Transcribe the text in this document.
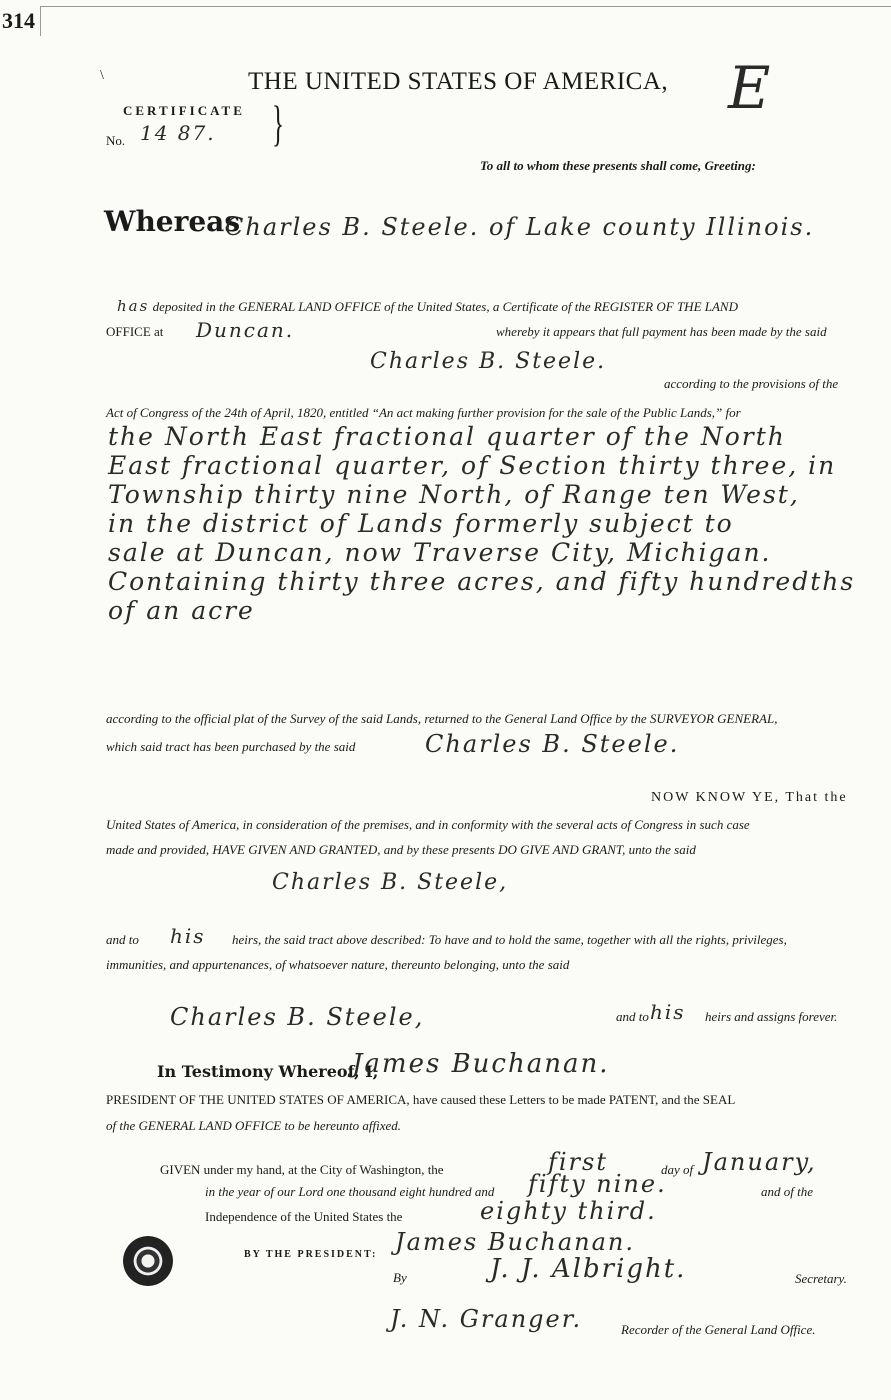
314
\	THE UNITED STATES OF AMERICA, E
CERTIFICATE
No. 14 87. }
To all to whom these presents shall come, Greeting:
Whereas
Charles B. Steele. of Lake county Illinois.
has deposited in the GENERAL LAND OFFICE of the United States, a Certificate of the REGISTER OF THE LAND
OFFICE at Duncan.	whereby it appears that full payment has been made by the said
Charles B. Steele.
according to the provisions of the
Act of Congress of the 24th of April, 1820, entitled “An act making further provision for the sale of the Public Lands,” for
the North East fractional quarter of the North
East fractional quarter, of Section thirty three, in
Township thirty nine North, of Range ten West,
in the district of Lands formerly subject to
sale at Duncan, now Traverse City, Michigan.
Containing thirty three acres, and fifty hundredths
of an acre
according to the official plat of the Survey of the said Lands, returned to the General Land Office by the SURVEYOR GENERAL,
which said tract has been purchased by the said	Charles B. Steele.
NOW KNOW YE, That the
United States of America, in consideration of the premises, and in conformity with the several acts of Congress in such case
made and provided, HAVE GIVEN AND GRANTED, and by these presents DO GIVE AND GRANT, unto the said
Charles B. Steele,
and to his heirs, the said tract above described: To have and to hold the same, together with all the rights, privileges,
immunities, and appurtenances, of whatsoever nature, thereunto belonging, unto the said
Charles B. Steele,	and to his heirs and assigns forever.
In Testimony Whereof, I,
James Buchanan.
PRESIDENT OF THE UNITED STATES OF AMERICA, have caused these Letters to be made PATENT, and the SEAL
of the GENERAL LAND OFFICE to be hereunto affixed.
GIVEN under my hand, at the City of Washington, the	first	day of January,
in the year of our Lord one thousand eight hundred and fifty nine.	and of the
Independence of the United States the	eighty third.
BY THE PRESIDENT: James Buchanan.
By	J. J. Albright.	Secretary.
J. N. Granger.	Recorder of the General Land Office.
